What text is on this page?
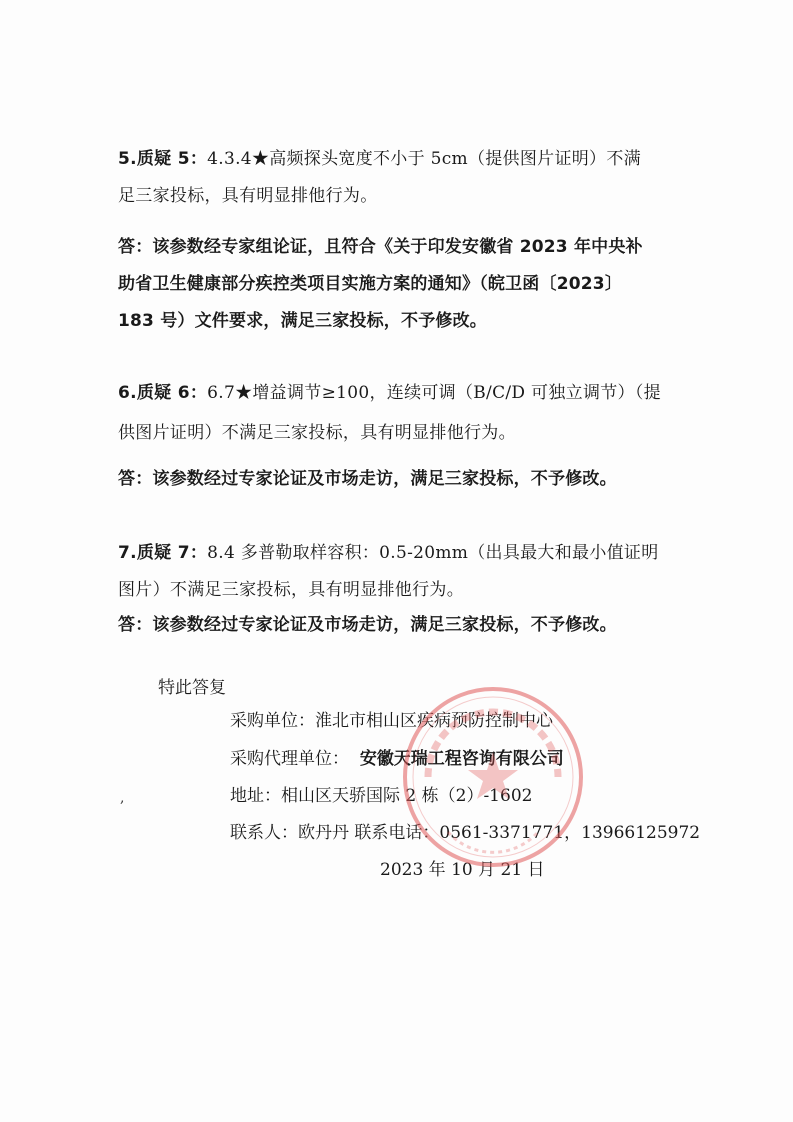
5.质疑 5：4.3.4★高频探头宽度不小于 5cm（提供图片证明）不满
足三家投标，具有明显排他行为。
答：该参数经专家组论证，且符合《关于印发安徽省 2023 年中央补
助省卫生健康部分疾控类项目实施方案的通知》（皖卫函〔2023〕
183 号）文件要求，满足三家投标，不予修改。
6.质疑 6：6.7★增益调节≥100，连续可调（B/C/D 可独立调节）（提
供图片证明）不满足三家投标，具有明显排他行为。
答：该参数经过专家论证及市场走访，满足三家投标，不予修改。
7.质疑 7：8.4 多普勒取样容积：0.5-20mm（出具最大和最小值证明
图片）不满足三家投标，具有明显排他行为。
答：该参数经过专家论证及市场走访，满足三家投标，不予修改。
特此答复
采购单位：淮北市相山区疾病预防控制中心
采购代理单位： 安徽天瑞工程咨询有限公司
地址：相山区天骄国际 2 栋（2）-1602
联系人：欧丹丹 联系电话：0561-3371771，13966125972
2023 年 10 月 21 日
,
